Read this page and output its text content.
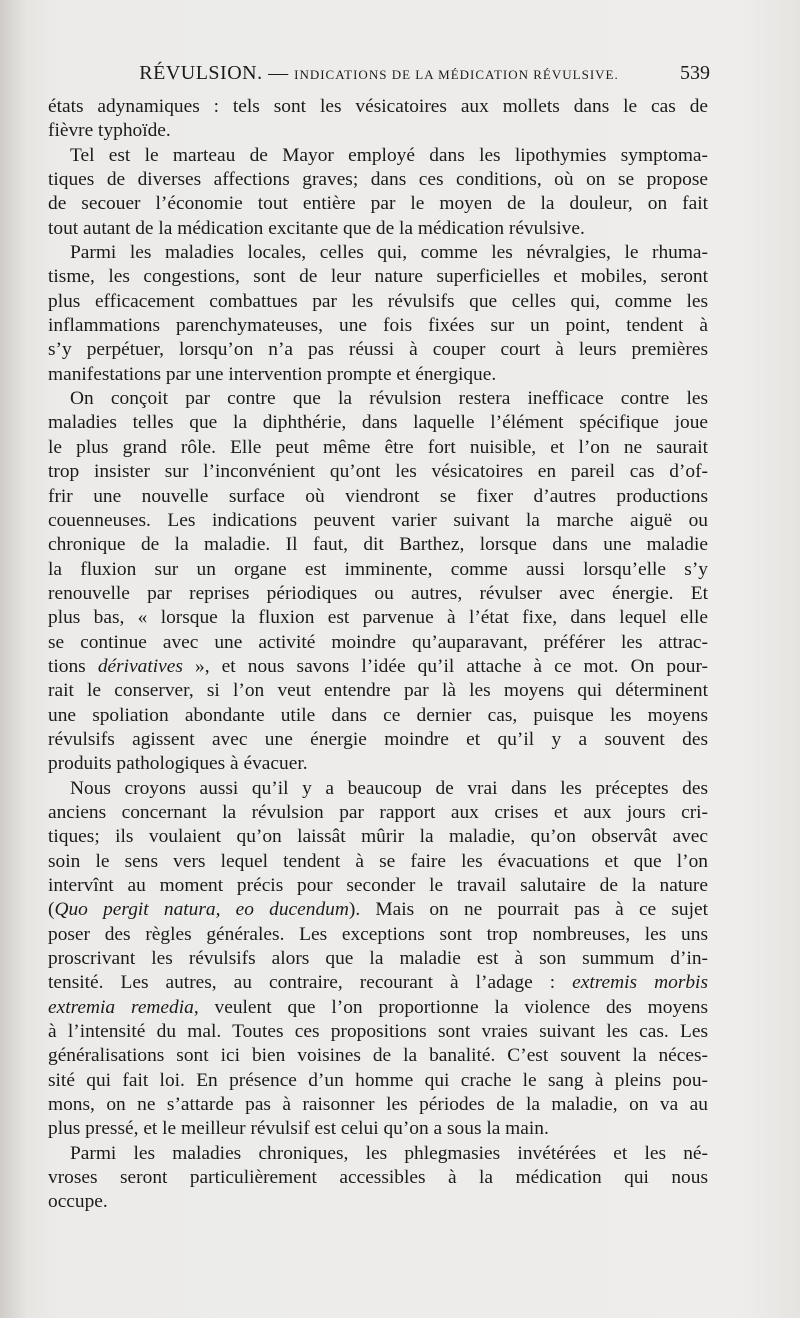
RÉVULSION. — INDICATIONS DE LA MÉDICATION RÉVULSIVE.	539
états adynamiques : tels sont les vésicatoires aux mollets dans le cas de
fièvre typhoïde.
Tel est le marteau de Mayor employé dans les lipothymies symptoma-
tiques de diverses affections graves; dans ces conditions, où on se propose
de secouer l’économie tout entière par le moyen de la douleur, on fait
tout autant de la médication excitante que de la médication révulsive.
Parmi les maladies locales, celles qui, comme les névralgies, le rhuma-
tisme, les congestions, sont de leur nature superficielles et mobiles, seront
plus efficacement combattues par les révulsifs que celles qui, comme les
inflammations parenchymateuses, une fois fixées sur un point, tendent à
s’y perpétuer, lorsqu’on n’a pas réussi à couper court à leurs premières
manifestations par une intervention prompte et énergique.
On conçoit par contre que la révulsion restera inefficace contre les
maladies telles que la diphthérie, dans laquelle l’élément spécifique joue
le plus grand rôle. Elle peut même être fort nuisible, et l’on ne saurait
trop insister sur l’inconvénient qu’ont les vésicatoires en pareil cas d’of-
frir une nouvelle surface où viendront se fixer d’autres productions
couenneuses. Les indications peuvent varier suivant la marche aiguë ou
chronique de la maladie. Il faut, dit Barthez, lorsque dans une maladie
la fluxion sur un organe est imminente, comme aussi lorsqu’elle s’y
renouvelle par reprises périodiques ou autres, révulser avec énergie. Et
plus bas, « lorsque la fluxion est parvenue à l’état fixe, dans lequel elle
se continue avec une activité moindre qu’auparavant, préférer les attrac-
tions dérivatives », et nous savons l’idée qu’il attache à ce mot. On pour-
rait le conserver, si l’on veut entendre par là les moyens qui déterminent
une spoliation abondante utile dans ce dernier cas, puisque les moyens
révulsifs agissent avec une énergie moindre et qu’il y a souvent des
produits pathologiques à évacuer.
Nous croyons aussi qu’il y a beaucoup de vrai dans les préceptes des
anciens concernant la révulsion par rapport aux crises et aux jours cri-
tiques; ils voulaient qu’on laissât mûrir la maladie, qu’on observât avec
soin le sens vers lequel tendent à se faire les évacuations et que l’on
intervînt au moment précis pour seconder le travail salutaire de la nature
(Quo pergit natura, eo ducendum). Mais on ne pourrait pas à ce sujet
poser des règles générales. Les exceptions sont trop nombreuses, les uns
proscrivant les révulsifs alors que la maladie est à son summum d’in-
tensité. Les autres, au contraire, recourant à l’adage : extremis morbis
extremia remedia, veulent que l’on proportionne la violence des moyens
à l’intensité du mal. Toutes ces propositions sont vraies suivant les cas. Les
généralisations sont ici bien voisines de la banalité. C’est souvent la néces-
sité qui fait loi. En présence d’un homme qui crache le sang à pleins pou-
mons, on ne s’attarde pas à raisonner les périodes de la maladie, on va au
plus pressé, et le meilleur révulsif est celui qu’on a sous la main.
Parmi les maladies chroniques, les phlegmasies invétérées et les né-
vroses seront particulièrement accessibles à la médication qui nous
occupe.
